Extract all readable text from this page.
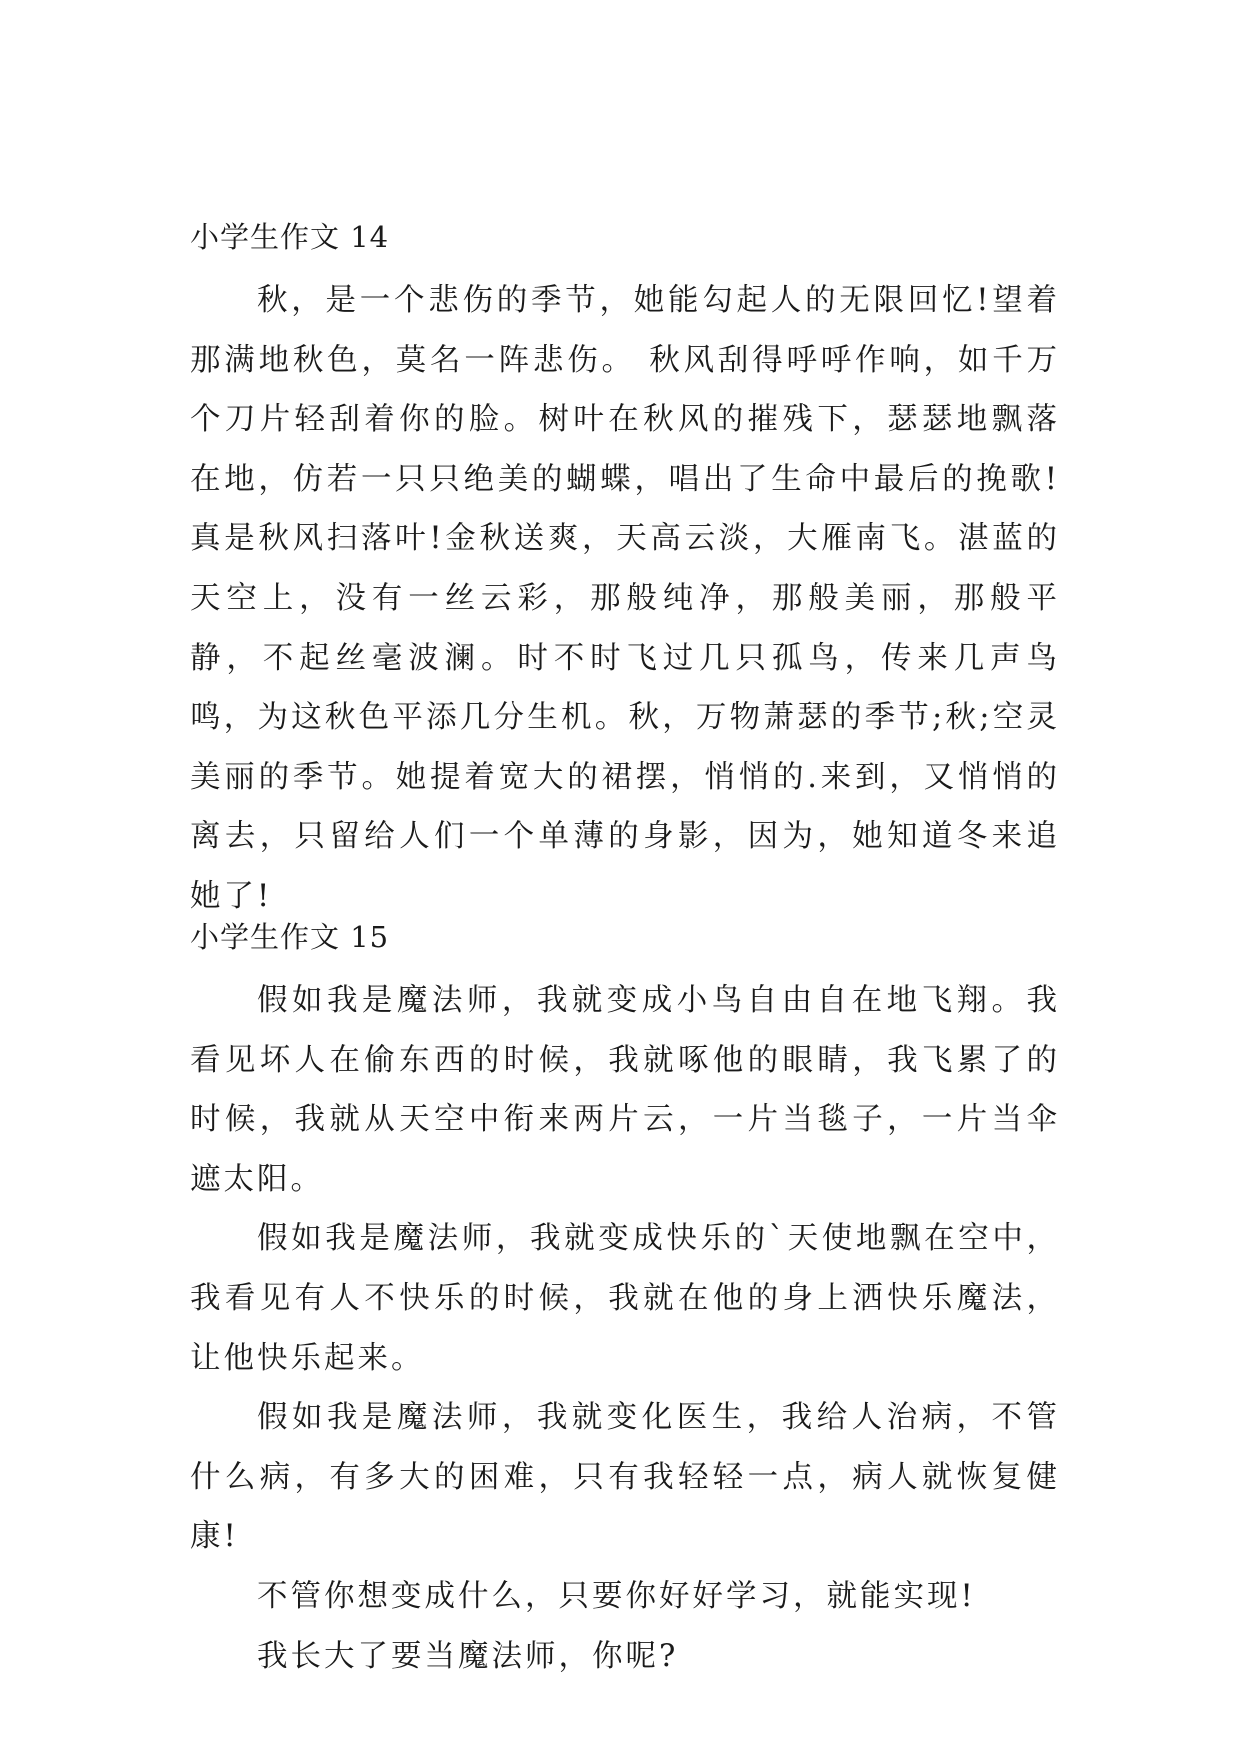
小学生作文 14

秋，是一个悲伤的季节，她能勾起人的无限回忆!望着那满地秋色，莫名一阵悲伤。 秋风刮得呼呼作响，如千万个刀片轻刮着你的脸。树叶在秋风的摧残下，瑟瑟地飘落在地，仿若一只只绝美的蝴蝶，唱出了生命中最后的挽歌!真是秋风扫落叶!金秋送爽，天高云淡，大雁南飞。湛蓝的天空上，没有一丝云彩，那般纯净，那般美丽，那般平静，不起丝毫波澜。时不时飞过几只孤鸟，传来几声鸟鸣，为这秋色平添几分生机。秋，万物萧瑟的季节;秋;空灵美丽的季节。她提着宽大的裙摆，悄悄的.来到，又悄悄的离去，只留给人们一个单薄的身影，因为，她知道冬来追她了!

小学生作文 15

假如我是魔法师，我就变成小鸟自由自在地飞翔。我看见坏人在偷东西的时候，我就啄他的眼睛，我飞累了的时候，我就从天空中衔来两片云，一片当毯子，一片当伞遮太阳。

假如我是魔法师，我就变成快乐的`天使地飘在空中，我看见有人不快乐的时候，我就在他的身上洒快乐魔法，让他快乐起来。

假如我是魔法师，我就变化医生，我给人治病，不管什么病，有多大的困难，只有我轻轻一点，病人就恢复健康!

不管你想变成什么，只要你好好学习，就能实现!

我长大了要当魔法师，你呢?
